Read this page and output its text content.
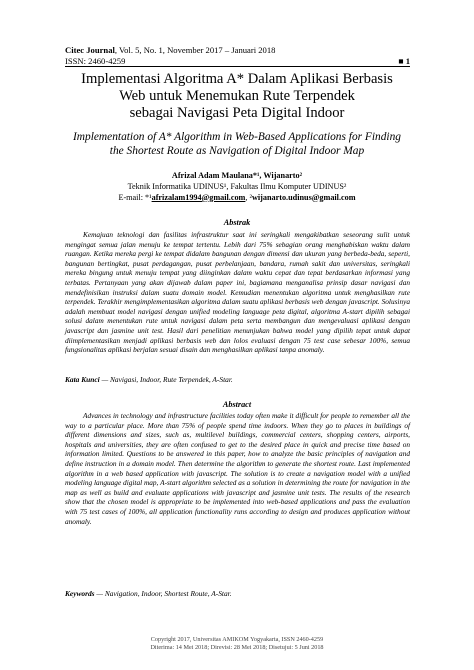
Citec Journal, Vol. 5, No. 1, November 2017 – Januari 2018
ISSN: 2460-4259	■ 1
Implementasi Algoritma A* Dalam Aplikasi Berbasis
Web untuk Menemukan Rute Terpendek
sebagai Navigasi Peta Digital Indoor
Implementation of A* Algorithm in Web-Based Applications for Finding
the Shortest Route as Navigation of Digital Indoor Map
Afrizal Adam Maulana*¹, Wijanarto²
Teknik Informatika UDINUS¹, Fakultas Ilmu Komputer UDINUS²
E-mail: *¹afrizalam1994@gmail.com, ²wijanarto.udinus@gmail.com
Abstrak

Kemajuan teknologi dan fasilitas infrastruktur saat ini seringkali mengakibatkan seseorang sulit untuk mengingat semua jalan menuju ke tempat tertentu. Lebih dari 75% sebagian orang menghabiskan waktu dalam ruangan. Ketika mereka pergi ke tempat didalam bangunan dengan dimensi dan ukuran yang berbeda-beda, seperti, bangunan bertingkat, pusat perdagangan, pusat perbelanjaan, bandara, rumah sakit dan universitas, seringkali mereka bingung untuk menuju tempat yang diinginkan dalam waktu cepat dan tepat berdasarkan informasi yang terbatas. Pertanyaan yang akan dijawab dalam paper ini, bagiamana menganalisa prinsip dasar navigasi dan mendefinisikan instruksi dalam suatu domain model. Kemudian menentukan algoritma untuk menghasilkan rute terpendek. Terakhir mengimplementasikan algoritma dalam suatu aplikasi berbasis web dengan javascript. Solusinya adalah membuat model navigasi dengan unified modeling language peta digital, algoritma A-start dipilih sebagai solusi dalam menentukan rute untuk navigasi dalam peta serta membangun dan mengevaluasi aplikasi dengan javascript dan jasmine unit test. Hasil dari penelitian menunjukan bahwa model yang dipilih tepat untuk dapat diimplementasikan menjadi aplikasi berbasis web dan lolos evaluasi dengan 75 test case sebesar 100%, semua fungsionalitas aplikasi berjalan sesuai disain dan menghasilkan aplikasi tanpa anomaly.

Kata Kunci — Navigasi, Indoor, Rute Terpendek, A-Star.
Abstract

Advances in technology and infrastructure facilities today often make it difficult for people to remember all the way to a particular place. More than 75% of people spend time indoors. When they go to places in buildings of different dimensions and sizes, such as, multilevel buildings, commercial centers, shopping centers, airports, hospitals and universities, they are often confused to get to the desired place in quick and precise time based on information limited. Questions to be answered in this paper, how to analyze the basic principles of navigation and define instruction in a domain model. Then determine the algorithm to generate the shortest route. Last implemented algorithm in a web based application with javascript. The solution is to create a navigation model with a unified modeling language digital map, A-start algorithm selected as a solution in determining the route for navigation in the map as well as build and evaluate applications with javascript and jasmine unit tests. The results of the research show that the chosen model is appropriate to be implemented into web-based applications and pass the evaluation with 75 test cases of 100%, all application functionality runs according to design and produces application without anomaly.

Keywords — Navigation, Indoor, Shortest Route, A-Star.
Copyright 2017, Universitas AMIKOM Yogyakarta, ISSN 2460-4259
Diterima: 14 Mei 2018; Direvisi: 28 Mei 2018; Disetujui: 5 Juni 2018
